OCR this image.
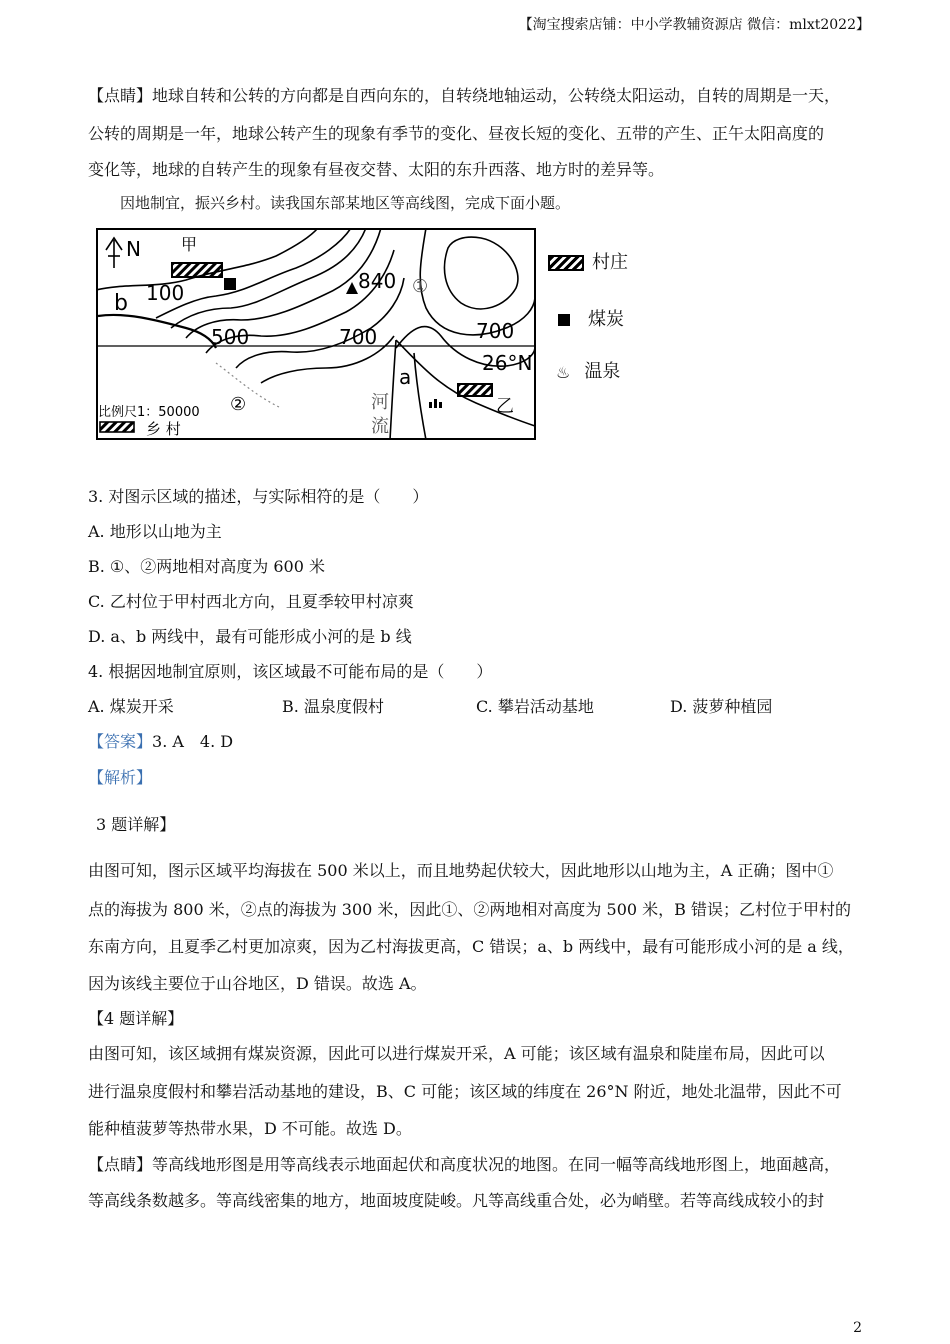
【淘宝搜索店铺：中小学教辅资源店 微信：mlxt2022】
【点睛】地球自转和公转的方向都是自西向东的，自转绕地轴运动，公转绕太阳运动，自转的周期是一天，
公转的周期是一年，地球公转产生的现象有季节的变化、昼夜长短的变化、五带的产生、正午太阳高度的
变化等，地球的自转产生的现象有昼夜交替、太阳的东升西落、地方时的差异等。
因地制宜，振兴乡村。读我国东部某地区等高线图，完成下面小题。
N	甲
b 100
500	700	700
840 ①
26°N
a
②	河
流
乙
比例尺1：50000
乡 村
村庄
煤炭
♨ 温泉
3. 对图示区域的描述，与实际相符的是（　　）
A. 地形以山地为主
B. ①、②两地相对高度为 600 米
C. 乙村位于甲村西北方向，且夏季较甲村凉爽
D. a、b 两线中，最有可能形成小河的是 b 线
4. 根据因地制宜原则，该区域最不可能布局的是（　　）
A. 煤炭开采	B. 温泉度假村	C. 攀岩活动基地	D. 菠萝种植园
【答案】3. A　4. D
【解析】
3 题详解】
由图可知，图示区域平均海拔在 500 米以上，而且地势起伏较大，因此地形以山地为主，A 正确；图中①
点的海拔为 800 米，②点的海拔为 300 米，因此①、②两地相对高度为 500 米，B 错误；乙村位于甲村的
东南方向，且夏季乙村更加凉爽，因为乙村海拔更高，C 错误；a、b 两线中，最有可能形成小河的是 a 线，
因为该线主要位于山谷地区，D 错误。故选 A。
【4 题详解】
由图可知，该区域拥有煤炭资源，因此可以进行煤炭开采，A 可能；该区域有温泉和陡崖布局，因此可以
进行温泉度假村和攀岩活动基地的建设，B、C 可能；该区域的纬度在 26°N 附近，地处北温带，因此不可
能种植菠萝等热带水果，D 不可能。故选 D。
【点睛】等高线地形图是用等高线表示地面起伏和高度状况的地图。在同一幅等高线地形图上，地面越高，
等高线条数越多。等高线密集的地方，地面坡度陡峻。凡等高线重合处，必为峭壁。若等高线成较小的封
2
